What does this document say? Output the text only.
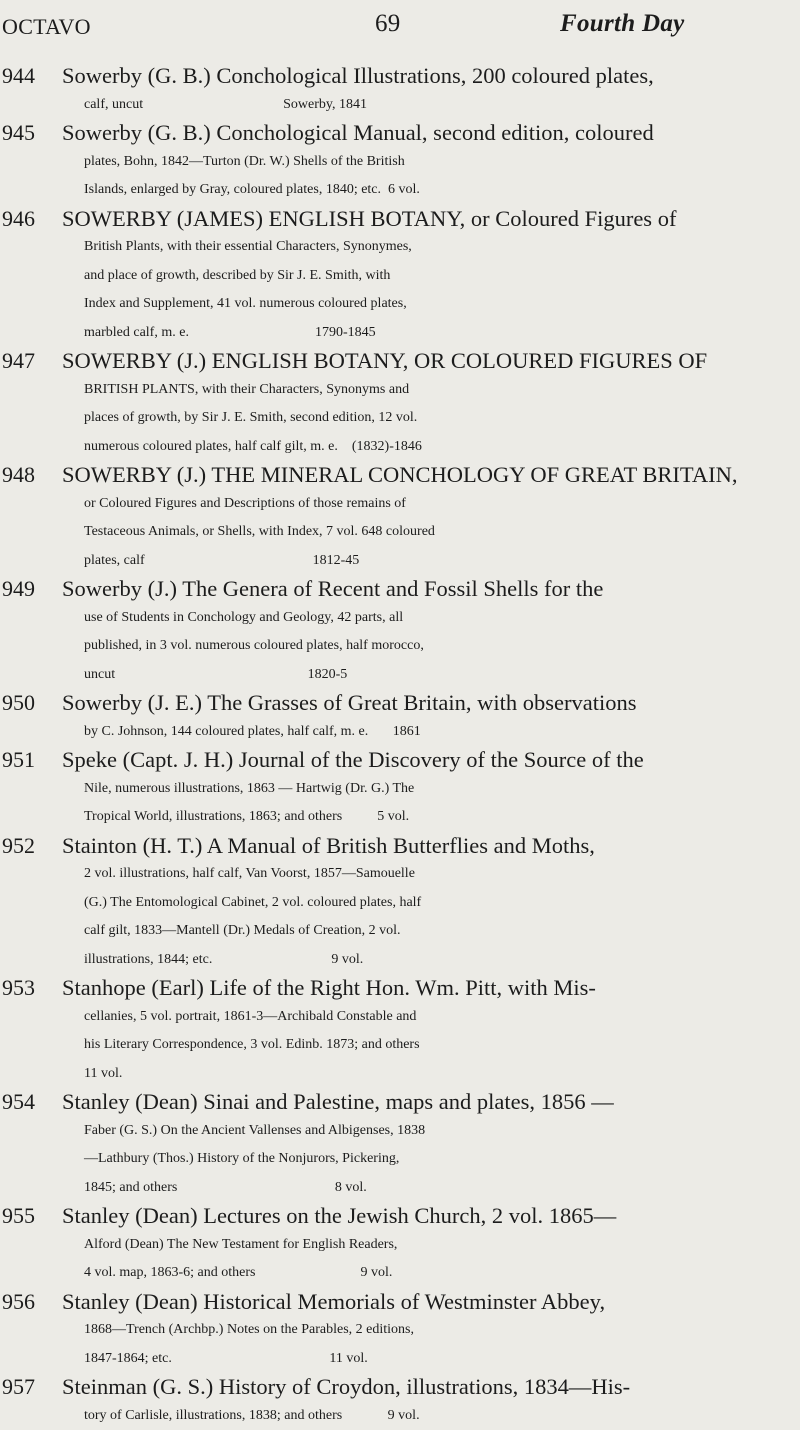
OCTAVO	69	Fourth Day
944 Sowerby (G. B.) Conchological Illustrations, 200 coloured plates,
calf, uncut                                        Sowerby, 1841
945 Sowerby (G. B.) Conchological Manual, second edition, coloured
plates, Bohn, 1842—Turton (Dr. W.) Shells of the British
Islands, enlarged by Gray, coloured plates, 1840; etc.  6 vol.
946 SOWERBY (JAMES) ENGLISH BOTANY, or Coloured Figures of
British Plants, with their essential Characters, Synonymes,
and place of growth, described by Sir J. E. Smith, with
Index and Supplement, 41 vol. numerous coloured plates,
marbled calf, m. e.                                    1790-1845
947 SOWERBY (J.) ENGLISH BOTANY, OR COLOURED FIGURES OF
BRITISH PLANTS, with their Characters, Synonyms and
places of growth, by Sir J. E. Smith, second edition, 12 vol.
numerous coloured plates, half calf gilt, m. e.    (1832)-1846
948 SOWERBY (J.) THE MINERAL CONCHOLOGY OF GREAT BRITAIN,
or Coloured Figures and Descriptions of those remains of
Testaceous Animals, or Shells, with Index, 7 vol. 648 coloured
plates, calf                                                1812-45
949 Sowerby (J.) The Genera of Recent and Fossil Shells for the
use of Students in Conchology and Geology, 42 parts, all
published, in 3 vol. numerous coloured plates, half morocco,
uncut                                                       1820-5
950 Sowerby (J. E.) The Grasses of Great Britain, with observations
by C. Johnson, 144 coloured plates, half calf, m. e.       1861
951 Speke (Capt. J. H.) Journal of the Discovery of the Source of the
Nile, numerous illustrations, 1863 — Hartwig (Dr. G.) The
Tropical World, illustrations, 1863; and others          5 vol.
952 Stainton (H. T.) A Manual of British Butterflies and Moths,
2 vol. illustrations, half calf, Van Voorst, 1857—Samouelle
(G.) The Entomological Cabinet, 2 vol. coloured plates, half
calf gilt, 1833—Mantell (Dr.) Medals of Creation, 2 vol.
illustrations, 1844; etc.                                  9 vol.
953 Stanhope (Earl) Life of the Right Hon. Wm. Pitt, with Mis-
cellanies, 5 vol. portrait, 1861-3—Archibald Constable and
his Literary Correspondence, 3 vol. Edinb. 1873; and others
11 vol.
954 Stanley (Dean) Sinai and Palestine, maps and plates, 1856 —
Faber (G. S.) On the Ancient Vallenses and Albigenses, 1838
—Lathbury (Thos.) History of the Nonjurors, Pickering,
1845; and others                                             8 vol.
955 Stanley (Dean) Lectures on the Jewish Church, 2 vol. 1865—
Alford (Dean) The New Testament for English Readers,
4 vol. map, 1863-6; and others                              9 vol.
956 Stanley (Dean) Historical Memorials of Westminster Abbey,
1868—Trench (Archbp.) Notes on the Parables, 2 editions,
1847-1864; etc.                                             11 vol.
957 Steinman (G. S.) History of Croydon, illustrations, 1834—His-
tory of Carlisle, illustrations, 1838; and others             9 vol.
